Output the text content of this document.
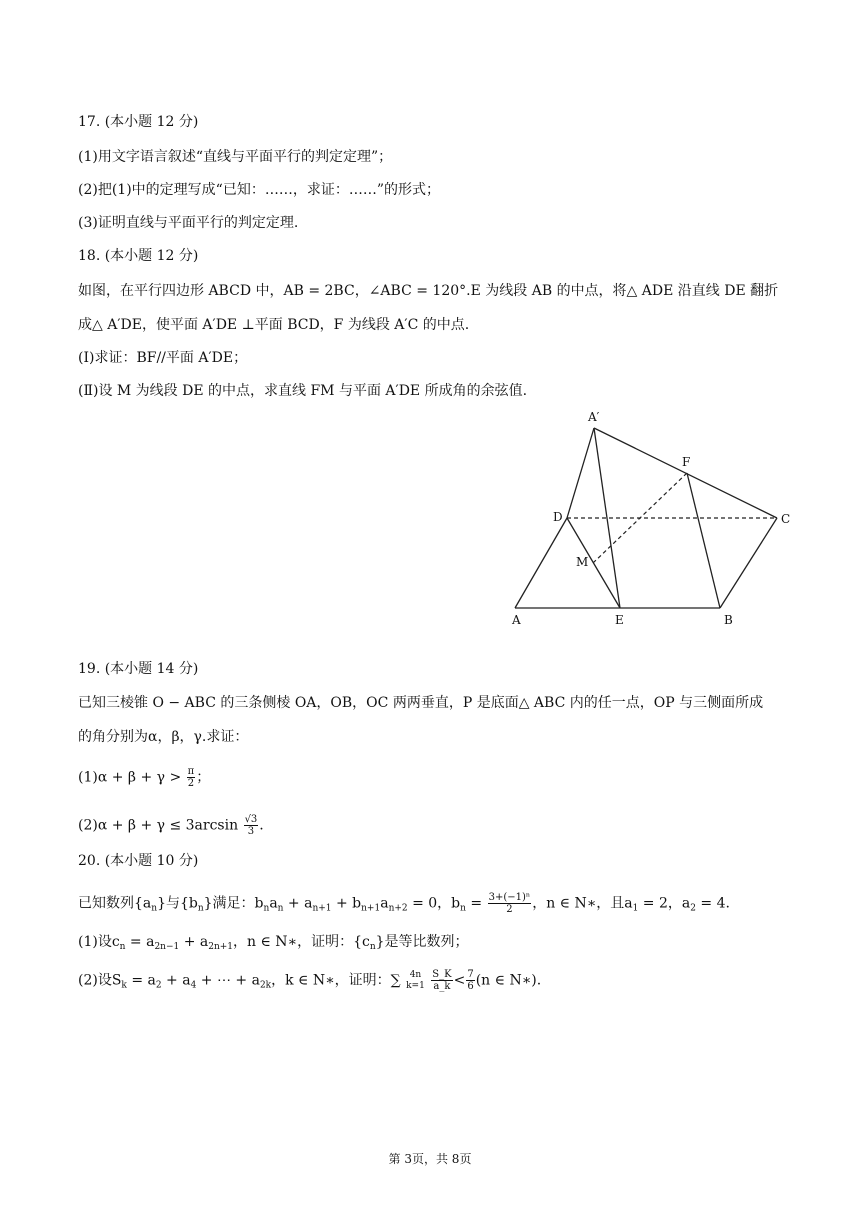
17. (本小题 12 分)
(1)用文字语言叙述“直线与平面平行的判定定理”；
(2)把(1)中的定理写成“已知：……，求证：……”的形式；
(3)证明直线与平面平行的判定定理.
18. (本小题 12 分)
如图，在平行四边形 ABCD 中，AB = 2BC，∠ABC = 120°.E 为线段 AB 的中点，将△ ADE 沿直线 DE 翻折
成△ A′DE，使平面 A′DE ⊥平面 BCD，F 为线段 A′C 的中点.
(Ⅰ)求证：BF//平面 A′DE；
(Ⅱ)设 M 为线段 DE 的中点，求直线 FM 与平面 A′DE 所成角的余弦值.
A′
F
D	C
M
A	E	B
19. (本小题 14 分)
已知三棱锥 O − ABC 的三条侧棱 OA，OB，OC 两两垂直，P 是底面△ ABC 内的任一点，OP 与三侧面所成
的角分别为α，β，γ.求证：
$(1)\alpha + \beta + \gamma > \frac{\pi}{2}$ ；
$(2)\alpha + \beta + \gamma \le 3\arcsin \frac{√3}{3}$ .
20. (本小题 10 分)
已知数列$\{a_n\}$与$\{b_n\}$满足：$b_na_n + a_{n+1} + b_{n+1}a_{n+2} = 0$，$b_n = \frac{\text{3+(−1)ⁿ}}{2}$ ，n ∈ N∗，且$a_1 = 2$，$a_2 = 4$.
(1)设$c_n = a_{2n-1} + a_{2n+1}$，n ∈ N∗，证明：$\{c_n\}$是等比数列；
(2)设$S_k = a_2 + a_4$ + ⋯ + $a_{2k}$，k ∈ N∗，证明：∑	4n
k=1
$\frac{S\_K}{a\_k} < \frac{7}{6} (n$ ∈ N∗).
第 3页，共 8页
